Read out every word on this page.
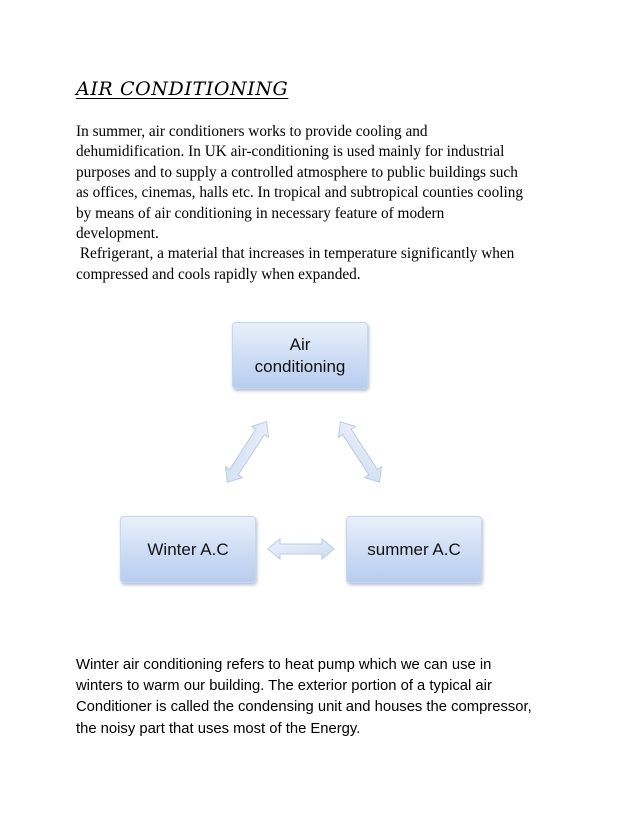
AIR CONDITIONING
In summer, air conditioners works to provide cooling and
dehumidification. In UK air-conditioning is used mainly for industrial
purposes and to supply a controlled atmosphere to public buildings such
as offices, cinemas, halls etc. In tropical and subtropical counties cooling
by means of air conditioning in necessary feature of modern
development.
Refrigerant, a material that increases in temperature significantly when
compressed and cools rapidly when expanded.
Air conditioning
Winter A.C	summer A.C
Winter air conditioning refers to heat pump which we can use in
winters to warm our building. The exterior portion of a typical air
Conditioner is called the condensing unit and houses the compressor,
the noisy part that uses most of the Energy.
